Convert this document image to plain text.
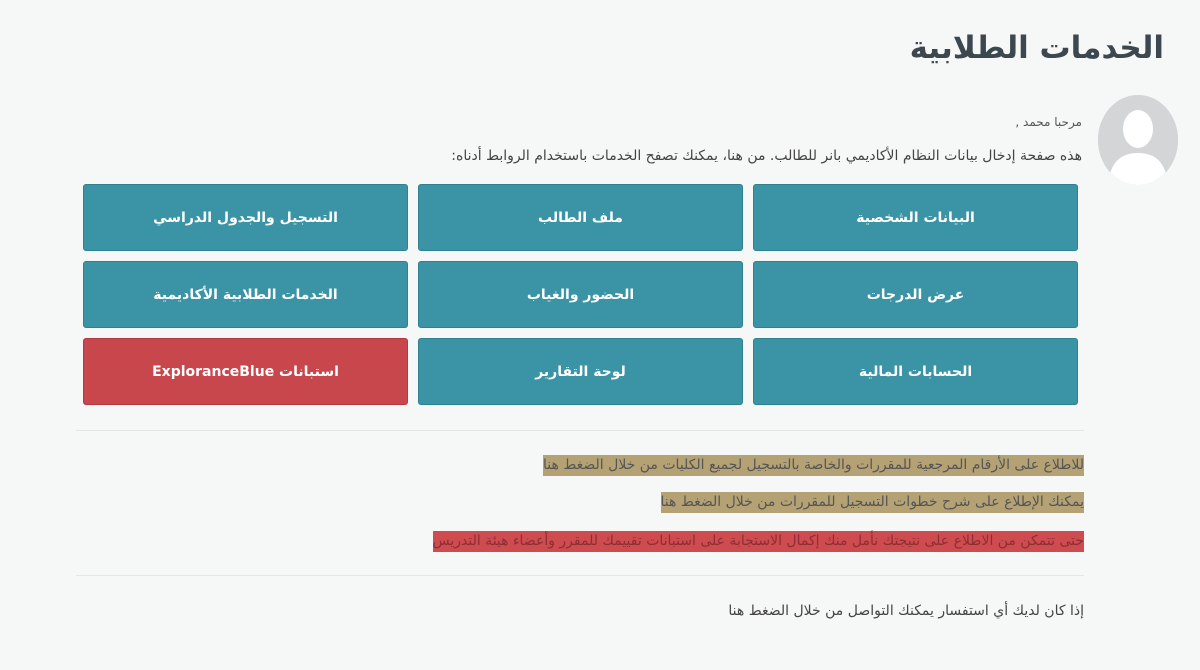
الخدمات الطلابية
مرحبا محمد ,
هذه صفحة إدخال بيانات النظام الأكاديمي بانر للطالب. من هنا، يمكنك تصفح الخدمات باستخدام الروابط أدناه:
البيانات الشخصية
ملف الطالب
التسجيل والجدول الدراسي
عرض الدرجات
الحضور والغياب
الخدمات الطلابية الأكاديمية
الحسابات المالية
لوحة التقارير
استبانات ExploranceBlue
للاطلاع على الأرقام المرجعية للمقررات والخاصة بالتسجيل لجميع الكليات من خلال الضغط هنا
يمكنك الإطلاع على شرح خطوات التسجيل للمقررات من خلال الضغط هنا
حتى تتمكن من الاطلاع على نتيجتك نأمل منك إكمال الاستجابة على استبانات تقييمك للمقرر وأعضاء هيئة التدريس
إذا كان لديك أي استفسار يمكنك التواصل من خلال الضغط هنا
